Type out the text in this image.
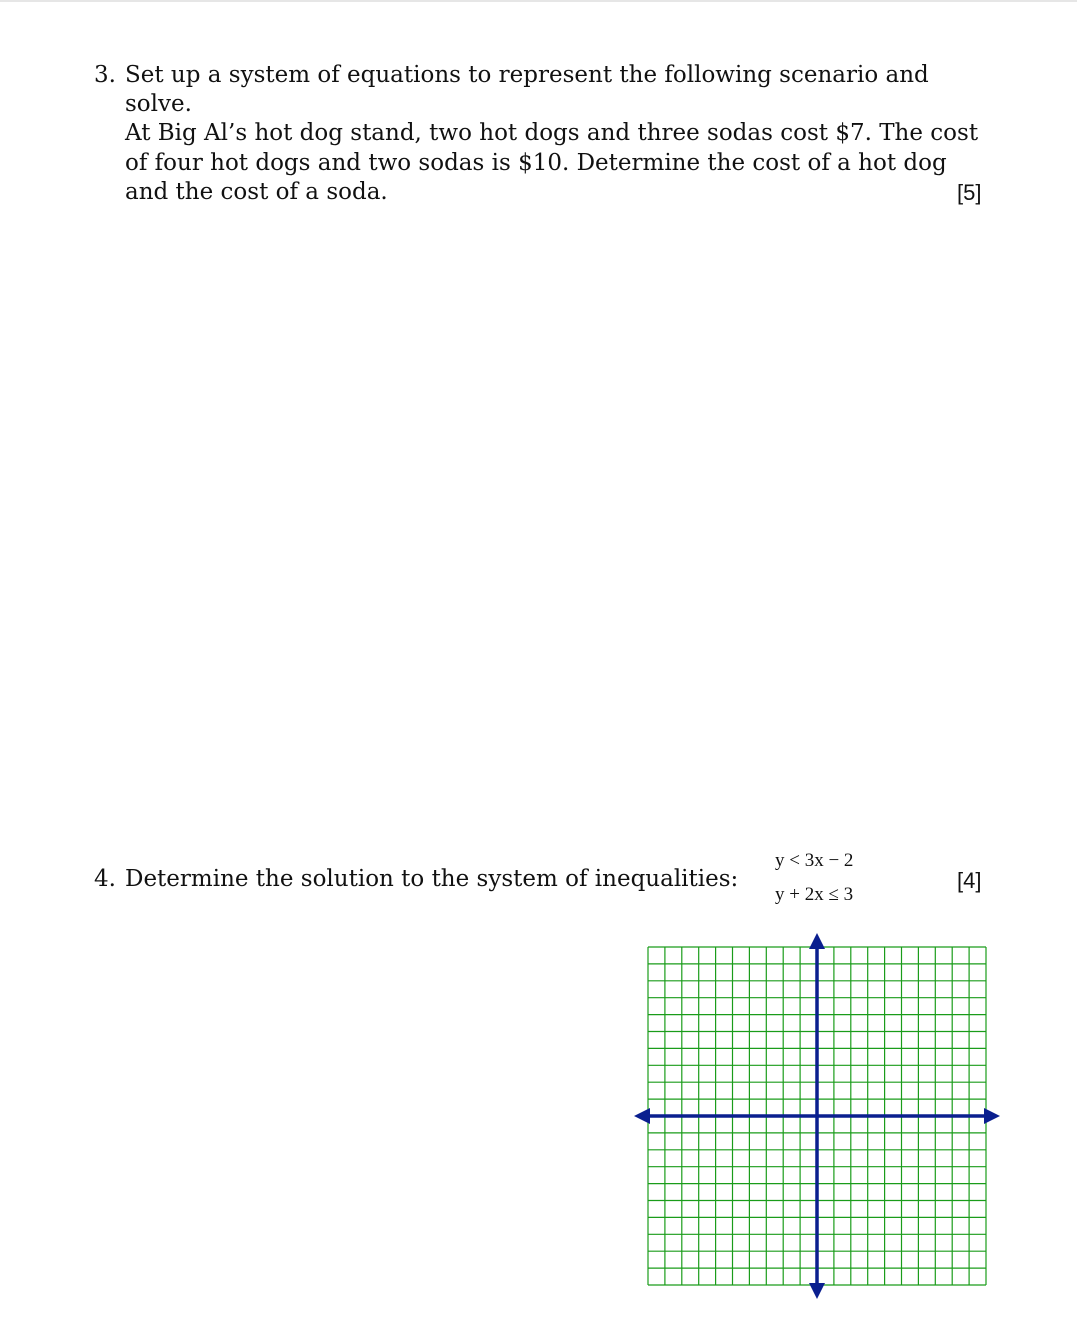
3. Set up a system of equations to represent the following scenario and
solve.
At Big Al’s hot dog stand, two hot dogs and three sodas cost $7. The cost
of four hot dogs and two sodas is $10. Determine the cost of a hot dog
and the cost of a soda.	[5]
4. Determine the solution to the system of inequalities:
y < 3x − 2
y + 2x ≤ 3
[4]
